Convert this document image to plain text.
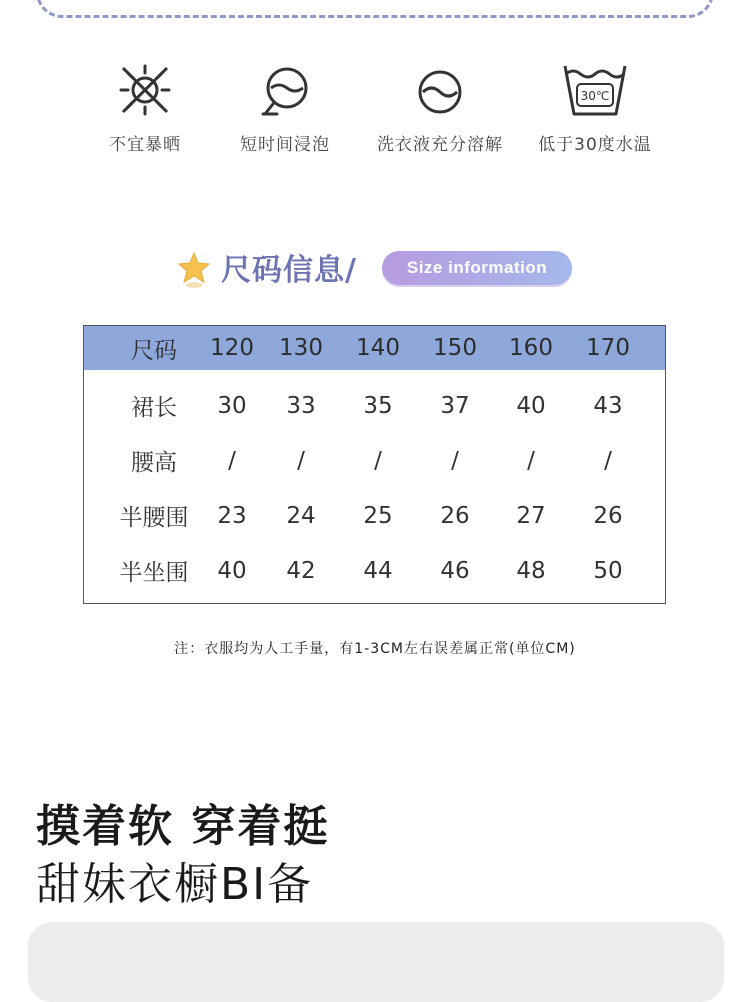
不宜暴晒	短时间浸泡	洗衣液充分溶解
30℃
低于30度水温
尺码信息/	Size information
尺码	120	130	140	150	160	170
裙长	30	33	35	37	40	43
腰高	/	/	/	/	/	/
半腰围	23	24	25	26	27	26
半坐围	40	42	44	46	48	50
注：衣服均为人工手量，有1-3CM左右误差属正常(单位CM)
摸着软 穿着挺
甜妹衣橱BI备
